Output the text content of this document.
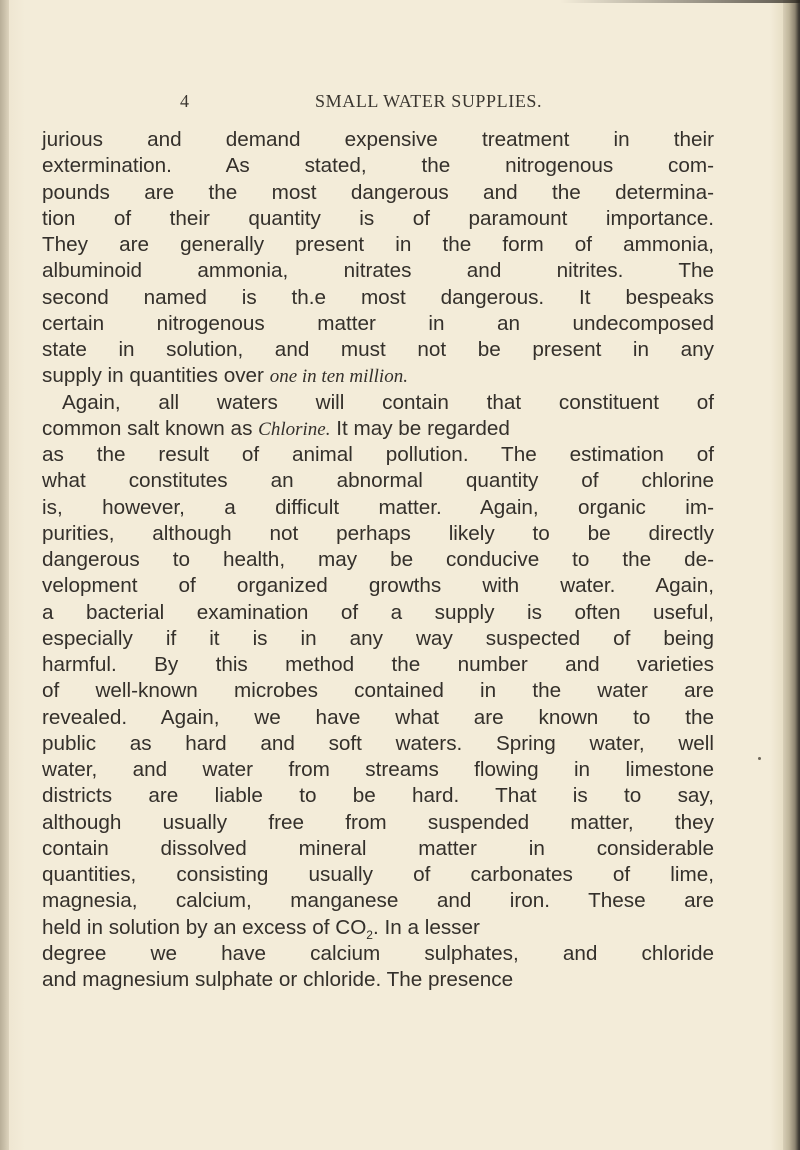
4	SMALL WATER SUPPLIES.
jurious and demand expensive treatment in their
extermination. As stated, the nitrogenous com-
pounds are the most dangerous and the determina-
tion of their quantity is of paramount importance.
They are generally present in the form of ammonia,
albuminoid ammonia, nitrates and nitrites. The
second named is th.e most dangerous. It bespeaks
certain nitrogenous matter in an undecomposed
state in solution, and must not be present in any
supply in quantities over one in ten million.
Again, all waters will contain that constituent of
common salt known as Chlorine. It may be regarded
as the result of animal pollution. The estimation of
what constitutes an abnormal quantity of chlorine
is, however, a difficult matter. Again, organic im-
purities, although not perhaps likely to be directly
dangerous to health, may be conducive to the de-
velopment of organized growths with water. Again,
a bacterial examination of a supply is often useful,
especially if it is in any way suspected of being
harmful. By this method the number and varieties
of well-known microbes contained in the water are
revealed. Again, we have what are known to the
public as hard and soft waters. Spring water, well
water, and water from streams flowing in limestone
districts are liable to be hard. That is to say,
although usually free from suspended matter, they
contain dissolved mineral matter in considerable
quantities, consisting usually of carbonates of lime,
magnesia, calcium, manganese and iron. These are
held in solution by an excess of $CO_2$. In a lesser
degree we have calcium sulphates, and chloride
and magnesium sulphate or chloride. The presence
